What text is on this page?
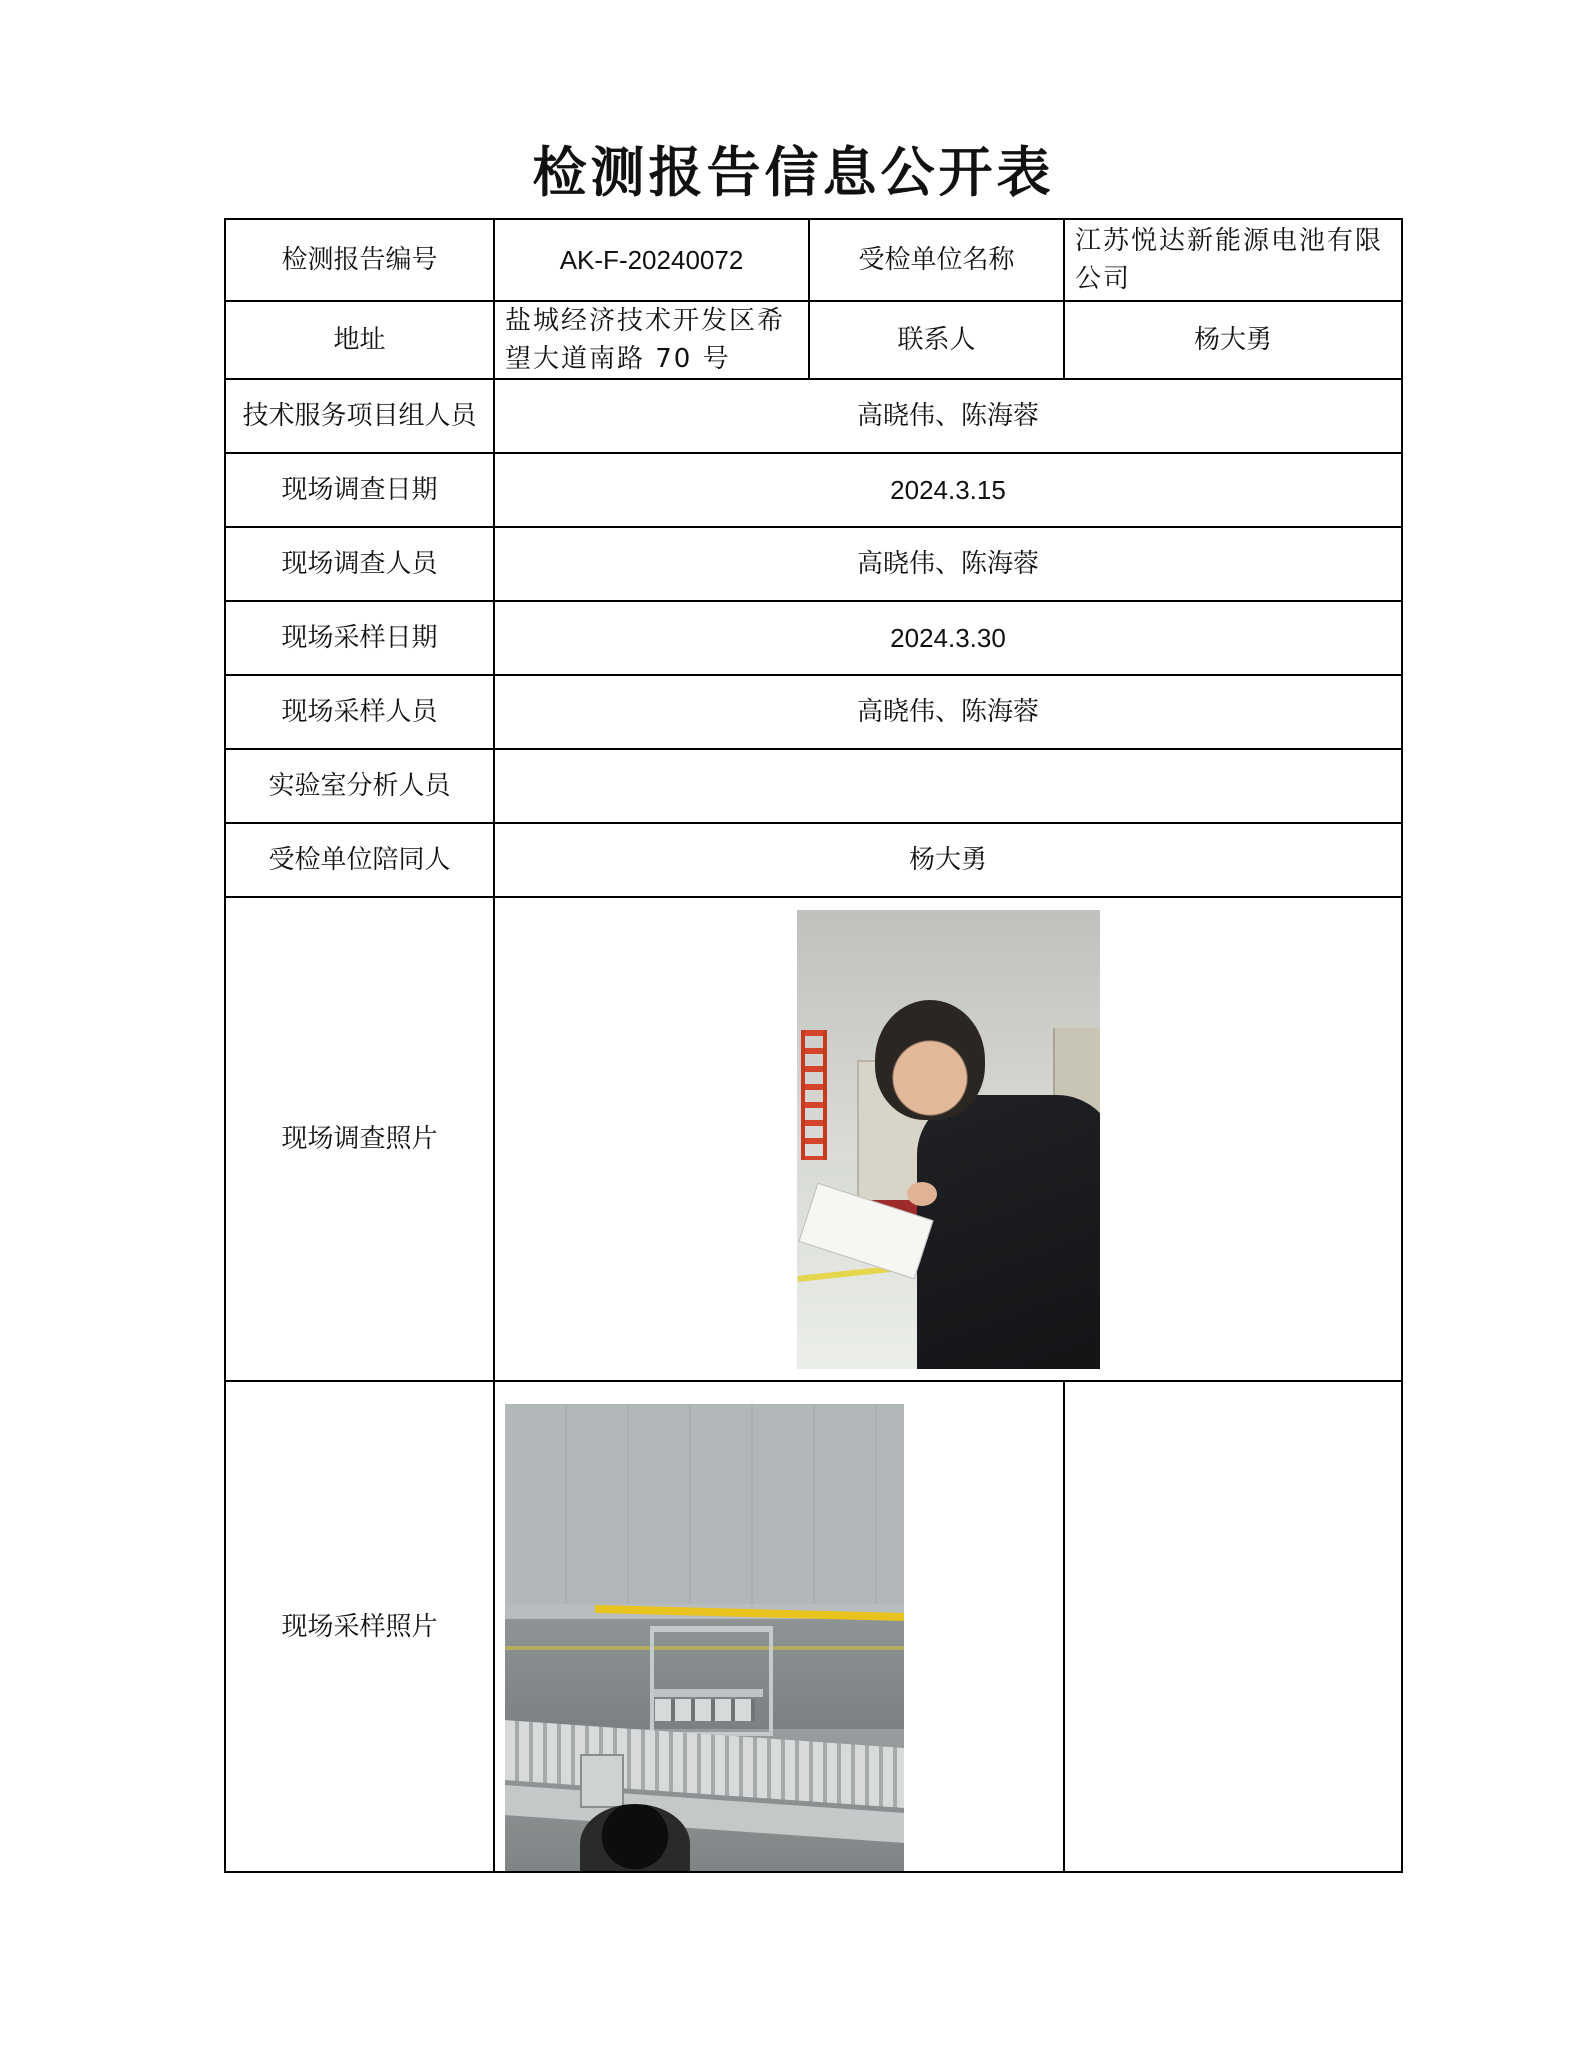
检测报告信息公开表
检测报告编号	AK-F-20240072	受检单位名称	江苏悦达新能源电池有限公司
地址	盐城经济技术开发区希望大道南路 70 号	联系人	杨大勇
技术服务项目组人员	高晓伟、陈海蓉		
现场调查日期	2024.3.15		
现场调查人员	高晓伟、陈海蓉		
现场采样日期	2024.3.30		
现场采样人员	高晓伟、陈海蓉		
实验室分析人员			
受检单位陪同人	杨大勇		
现场调查照片			

现场采样照片		
